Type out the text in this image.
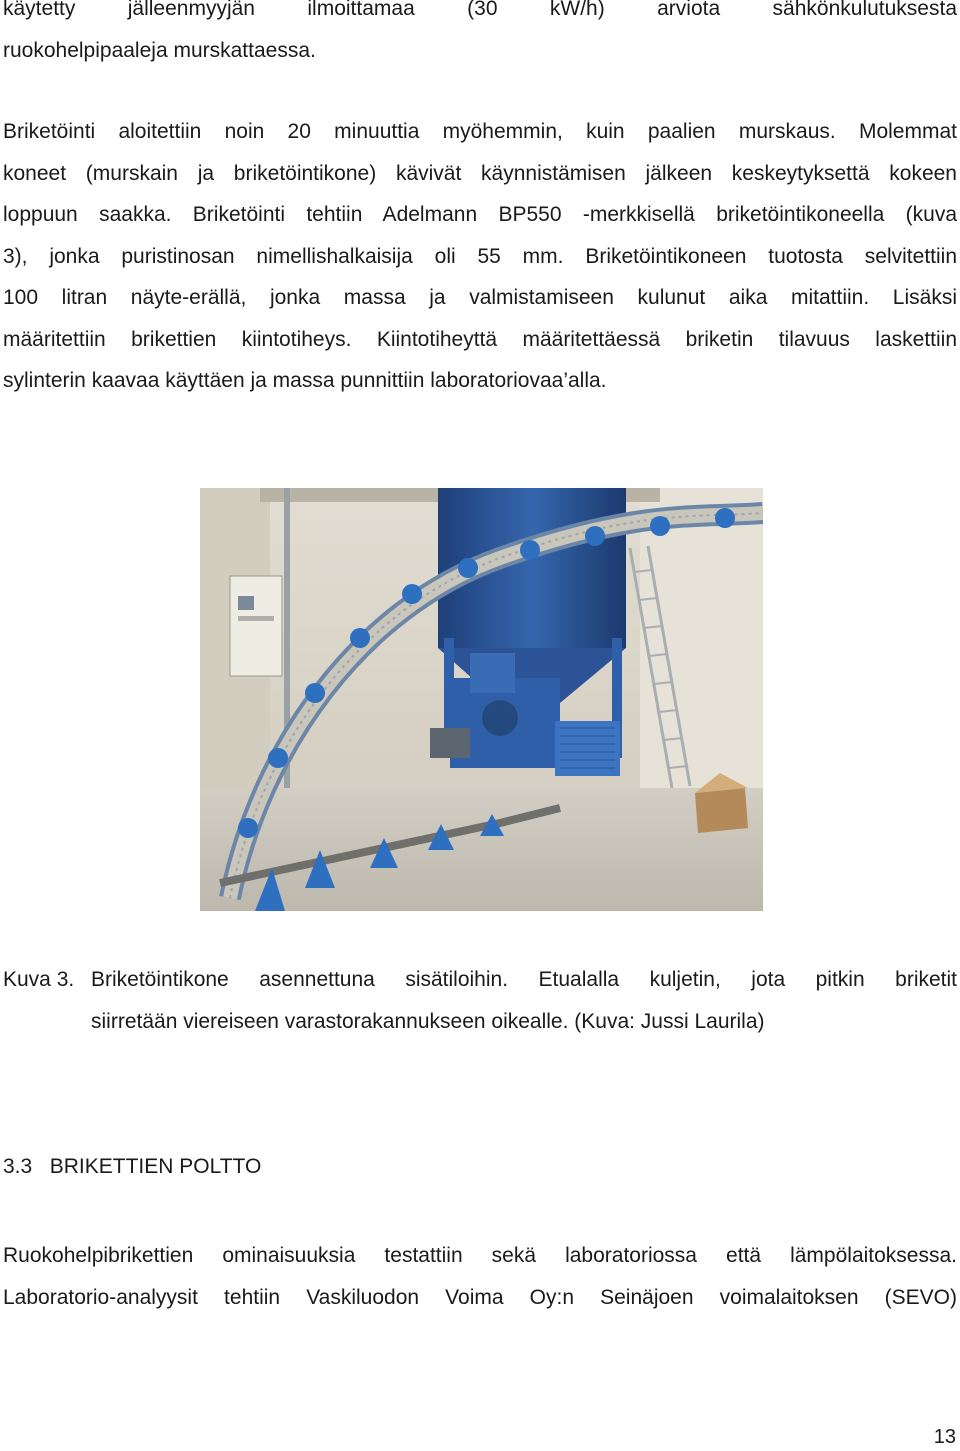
käytetty jälleenmyyjän ilmoittamaa (30 kW/h) arviota sähkönkulutuksesta
ruokohelpipaaleja murskattaessa.
Briketöinti aloitettiin noin 20 minuuttia myöhemmin, kuin paalien murskaus. Molemmat
koneet (murskain ja briketöintikone) kävivät käynnistämisen jälkeen keskeytyksettä kokeen
loppuun saakka. Briketöinti tehtiin Adelmann BP550 -merkkisellä briketöintikoneella (kuva
3), jonka puristinosan nimellishalkaisija oli 55 mm. Briketöintikoneen tuotosta selvitettiin
100 litran näyte-erällä, jonka massa ja valmistamiseen kulunut aika mitattiin. Lisäksi
määritettiin brikettien kiintotiheys. Kiintotiheyttä määritettäessä briketin tilavuus laskettiin
sylinterin kaavaa käyttäen ja massa punnittiin laboratoriovaa’alla.
Kuva 3. Briketöintikone asennettuna sisätiloihin. Etualalla kuljetin, jota pitkin briketit
siirretään viereiseen varastorakannukseen oikealle. (Kuva: Jussi Laurila)
3.3 BRIKETTIEN POLTTO
Ruokohelpibrikettien ominaisuuksia testattiin sekä laboratoriossa että lämpölaitoksessa.
Laboratorio-analyysit tehtiin Vaskiluodon Voima Oy:n Seinäjoen voimalaitoksen (SEVO)
13
